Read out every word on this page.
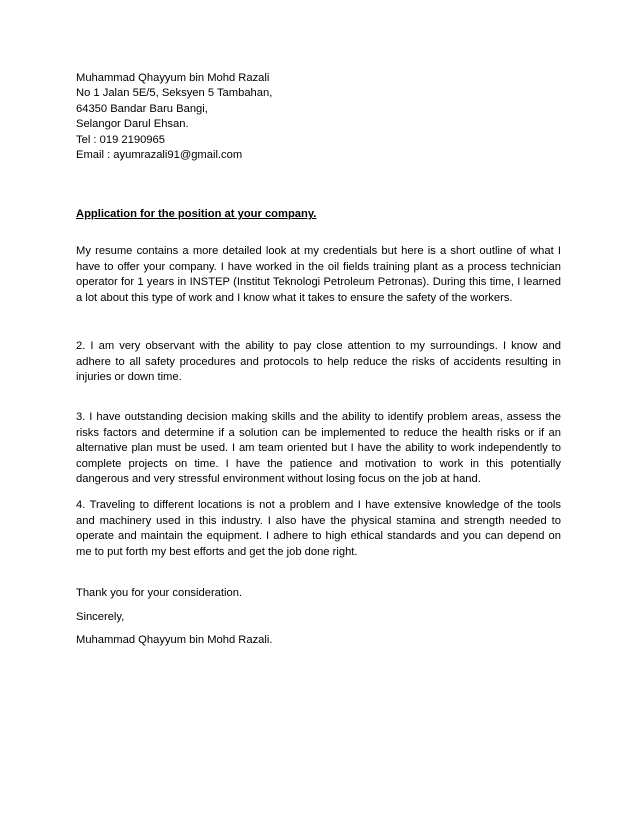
Muhammad Qhayyum bin Mohd Razali
No 1 Jalan 5E/5, Seksyen 5 Tambahan,
64350 Bandar Baru Bangi,
Selangor Darul Ehsan.
Tel : 019 2190965
Email : ayumrazali91@gmail.com
Application for the position at your company.
My resume contains a more detailed look at my credentials but here is a short outline of what I have to offer your company. I have worked in the oil fields training plant as a process technician operator for 1 years in INSTEP (Institut Teknologi Petroleum Petronas). During this time, I learned a lot about this type of work and I know what it takes to ensure the safety of the workers.
2. I am very observant with the ability to pay close attention to my surroundings. I know and adhere to all safety procedures and protocols to help reduce the risks of accidents resulting in injuries or down time.
3. I have outstanding decision making skills and the ability to identify problem areas, assess the risks factors and determine if a solution can be implemented to reduce the health risks or if an alternative plan must be used. I am team oriented but I have the ability to work independently to complete projects on time. I have the patience and motivation to work in this potentially dangerous and very stressful environment without losing focus on the job at hand.
4. Traveling to different locations is not a problem and I have extensive knowledge of the tools and machinery used in this industry. I also have the physical stamina and strength needed to operate and maintain the equipment. I adhere to high ethical standards and you can depend on me to put forth my best efforts and get the job done right.
Thank you for your consideration.
Sincerely,
Muhammad Qhayyum bin Mohd Razali.
